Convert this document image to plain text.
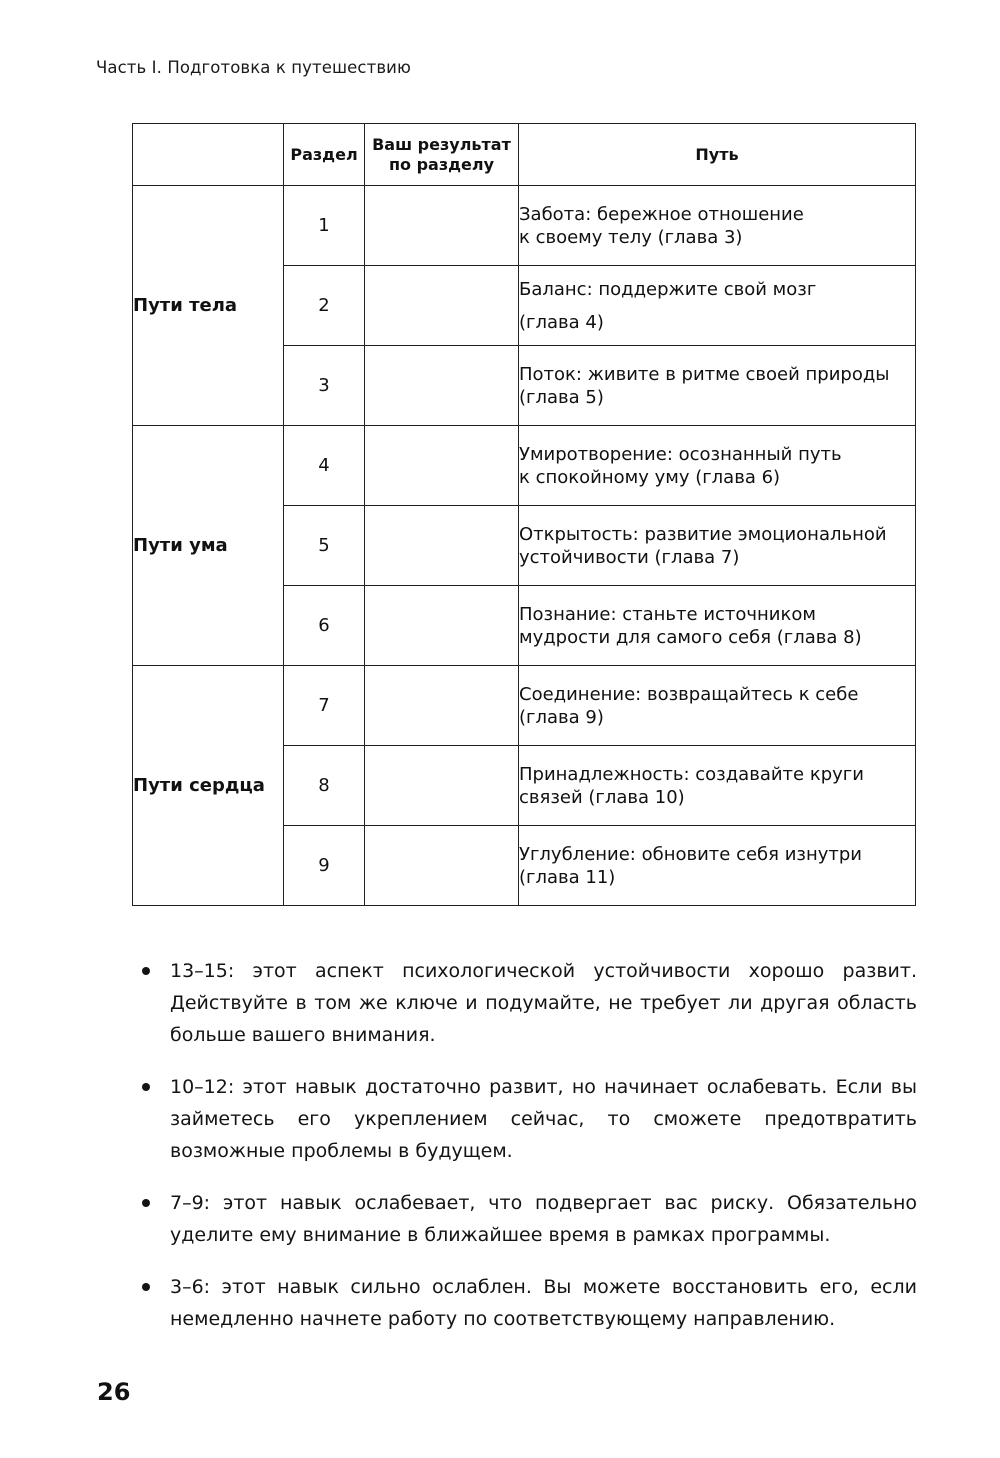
Часть I. Подготовка к путешествию
	Раздел	Ваш результат по разделу	Путь
Пути тела	1		Забота: бережное отношение
к своему телу (глава 3)
	2		Баланс: поддержите свой мозг
(глава 4)
	3		Поток: живите в ритме своей природы
(глава 5)
Пути ума	4		Умиротворение: осознанный путь
к спокойному уму (глава 6)
	5		Открытость: развитие эмоциональной
устойчивости (глава 7)
	6		Познание: станьте источником
мудрости для самого себя (глава 8)
Пути сердца	7		Соединение: возвращайтесь к себе
(глава 9)
	8		Принадлежность: создавайте круги
связей (глава 10)
	9		Углубление: обновите себя изнутри
(глава 11)
13–15: этот аспект психологической устойчивости хорошо развит. Действуйте в том же ключе и подумайте, не требует ли другая область больше вашего внимания.
10–12: этот навык достаточно развит, но начинает ослабевать. Если вы займетесь его укреплением сейчас, то сможете предотвратить возможные проблемы в будущем.
7–9: этот навык ослабевает, что подвергает вас риску. Обязательно уделите ему внимание в ближайшее время в рамках программы.
3–6: этот навык сильно ослаблен. Вы можете восстановить его, если немедленно начнете работу по соответствующему направлению.
26
